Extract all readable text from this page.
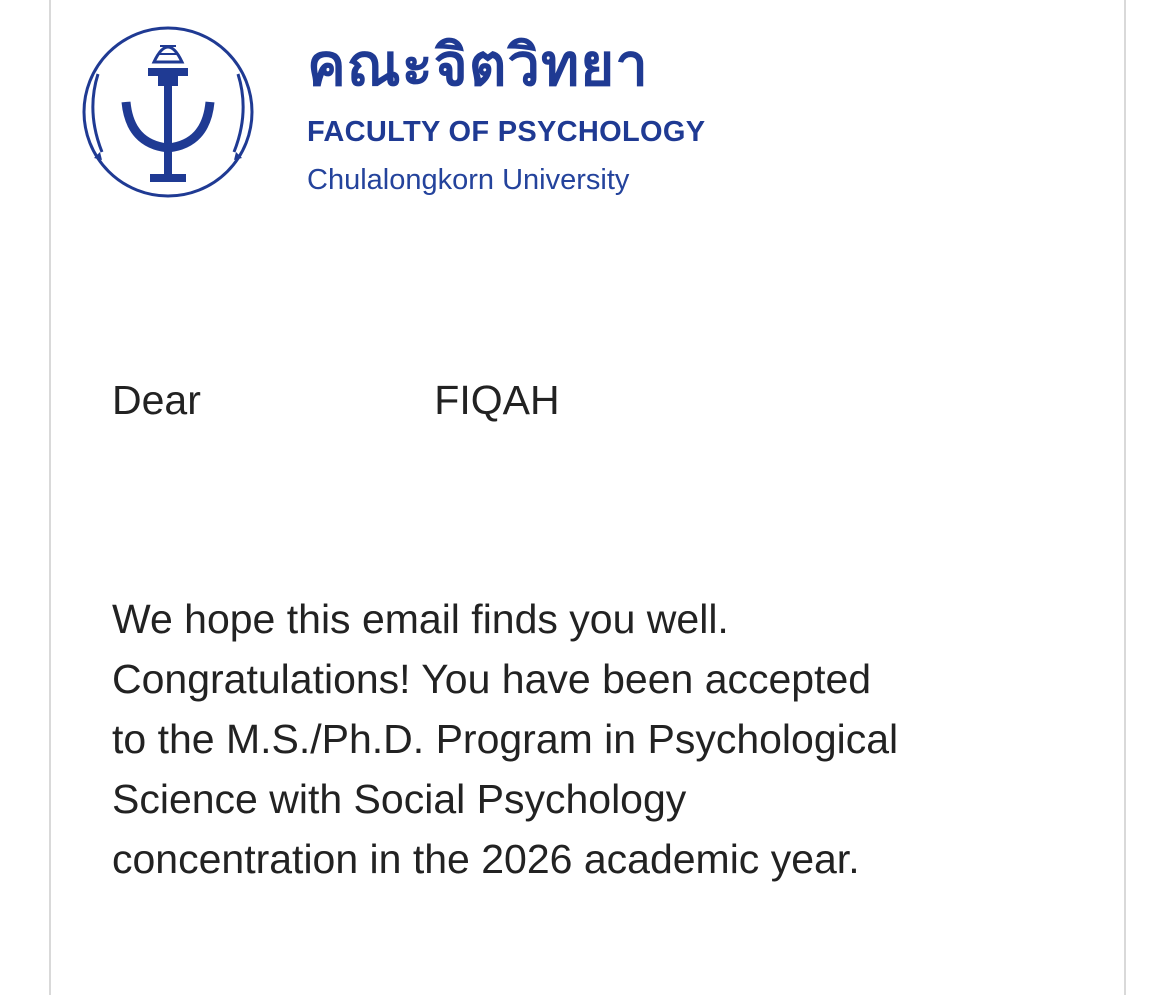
คณะจิตวิทยา
FACULTY OF PSYCHOLOGY
Chulalongkorn University
Dear	FIQAH
We hope this email finds you well.
Congratulations! You have been accepted
to the M.S./Ph.D. Program in Psychological
Science with Social Psychology
concentration in the 2026 academic year.
